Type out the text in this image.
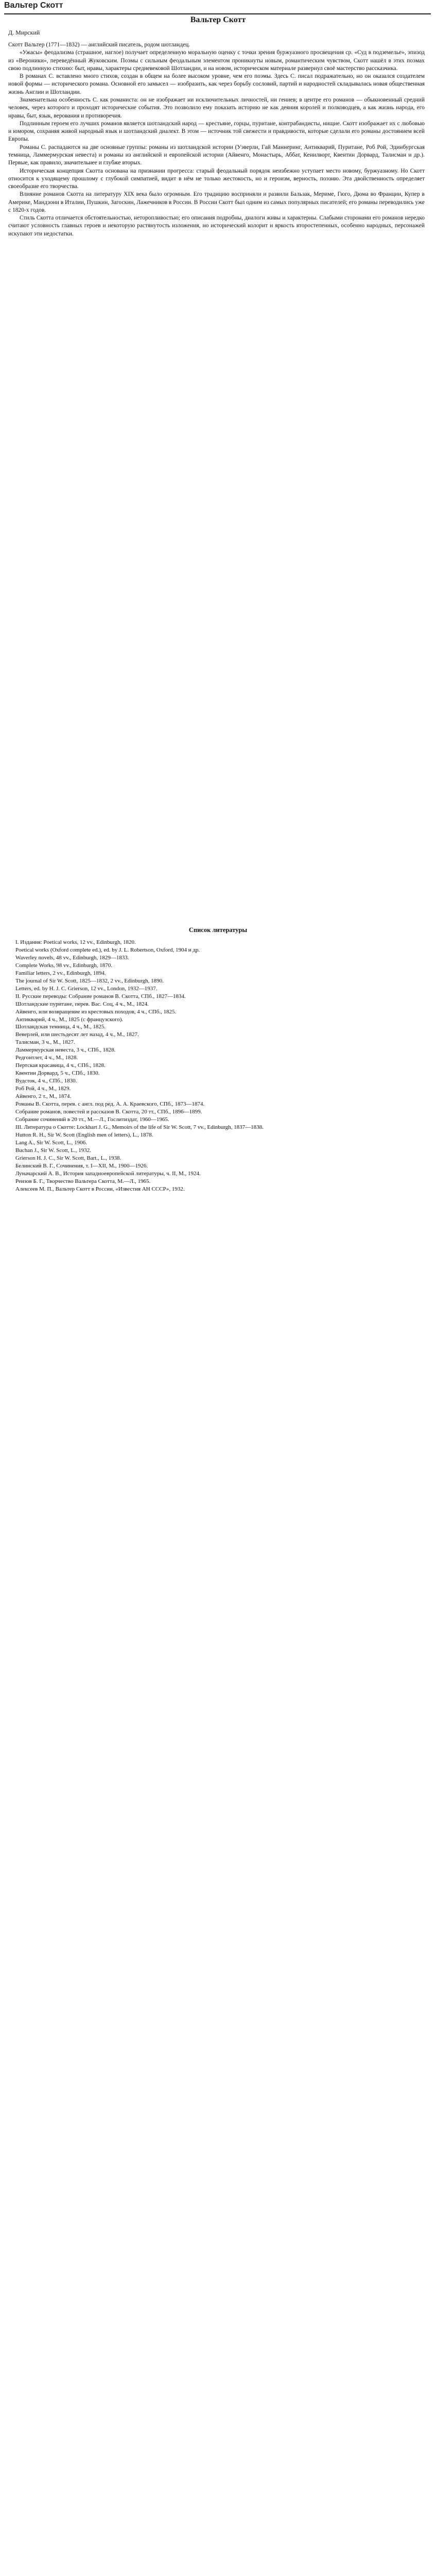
Вальтер Скотт
Вальтер Скотт
Д. Мирский

Скотт Вальтер (1771—1832) — английский писатель, родом шотландец.

«Ужасы» феодализма (страшное, наглое) получает определенную моральную оценку с точки зрения буржуазного просвещения ср. «Суд в подземелье», эпизод из «Вероники», переведённый Жуковским. Поэмы с сильным феодальным элементом проникнуты новым, романтическим чувством, Скотт нашёл в этих поэмах свою подлинную стихию: быт, нравы, характеры средневековой Шотландии, и на новом, историческом материале развернул своё мастерство рассказчика.

В романах С. вставлено много стихов, создан в общем на более высоком уровне, чем его поэмы. Здесь С. писал подражательно, но он оказался создателем новой формы — исторического романа. Основной его замысел — изобразить, как через борьбу сословий, партий и народностей складывалась новая общественная жизнь Англии и Шотландии.

Знаменательна особенность С. как романиста: он не изображает ни исключительных личностей, ни гениев; в центре его романов — обыкновенный средний человек, через которого и проходят исторические события. Это позволило ему показать историю не как деяния королей и полководцев, а как жизнь народа, его нравы, быт, язык, верования и противоречия.

Подлинным героем его лучших романов является шотландский народ — крестьяне, горцы, пуритане, контрабандисты, нищие. Скотт изображает их с любовью и юмором, сохраняя живой народный язык и шотландский диалект. В этом — источник той свежести и правдивости, которые сделали его романы достоянием всей Европы.

Романы С. распадаются на две основные группы: романы из шотландской истории (Уэверли, Гай Маннеринг, Антикварий, Пуритане, Роб Рой, Эдинбургская темница, Ламмермурская невеста) и романы из английской и европейской истории (Айвенго, Монастырь, Аббат, Кенилворт, Квентин Дорвард, Талисман и др.). Первые, как правило, значительнее и глубже вторых.

Историческая концепция Скотта основана на признании прогресса: старый феодальный порядок неизбежно уступает место новому, буржуазному. Но Скотт относится к уходящему прошлому с глубокой симпатией, видит в нём не только жестокость, но и героизм, верность, поэзию. Эта двойственность определяет своеобразие его творчества.

Влияние романов Скотта на литературу XIX века было огромным. Его традицию восприняли и развили Бальзак, Мериме, Гюго, Дюма во Франции, Купер в Америке, Мандзони в Италии, Пушкин, Загоскин, Лажечников в России. В России Скотт был одним из самых популярных писателей; его романы переводились уже с 1820-х годов.

Стиль Скотта отличается обстоятельностью, неторопливостью; его описания подробны, диалоги живы и характерны. Слабыми сторонами его романов нередко считают условность главных героев и некоторую растянутость изложения, но исторический колорит и яркость второстепенных, особенно народных, персонажей искупают эти недостатки.

Список литературы
I. Издания: Poetical works, 12 vv., Edinburgh, 1820.
Poetical works (Oxford complete ed.), ed. by J. L. Robertson, Oxford, 1904 и др.
Waverley novels, 48 vv., Edinburgh, 1829—1833.
Complete Works, 98 vv., Edinburgh, 1870.
Familiar letters, 2 vv., Edinburgh, 1894.
The journal of Sir W. Scott, 1825—1832, 2 vv., Edinburgh, 1890.
Letters, ed. by H. J. C. Grierson, 12 vv., London, 1932—1937.
II. Русские переводы: Собрание романов В. Скотта, СПб., 1827—1834.
Шотландские пуритане, перев. Вас. Соц, 4 ч., М., 1824.
Айвенго, или возвращение из крестовых походов, 4 ч., СПб., 1825.
Антикварий, 4 ч., М., 1825 (с французского).
Шотландская темница, 4 ч., М., 1825.
Веверлей, или шестьдесят лет назад, 4 ч., М., 1827.
Талисман, 3 ч., М., 1827.
Ламмермурская невеста, 3 ч., СПб., 1828.
Редгонтлет, 4 ч., М., 1828.
Пертская красавица, 4 ч., СПб., 1828.
Квентин Дорвард, 5 ч., СПб., 1830.
Вудсток, 4 ч., СПб., 1830.
Роб Рой, 4 ч., М., 1829.
Айвенго, 2 т., М., 1874.
Романы В. Скотта, перев. с англ. под ред. А. А. Краевского, СПб., 1873—1874.
Собрание романов, повестей и рассказов В. Скотта, 20 тт., СПб., 1896—1899.
Собрание сочинений в 20 тт., М.—Л., Гослитиздат, 1960—1965.
III. Литература о Скотте: Lockhart J. G., Memoirs of the life of Sir W. Scott, 7 vv., Edinburgh, 1837—1838.
Hutton R. H., Sir W. Scott (English men of letters), L., 1878.
Lang A., Sir W. Scott, L., 1906.
Buchan J., Sir W. Scott, L., 1932.
Grierson H. J. C., Sir W. Scott, Bart., L., 1938.
Белинский В. Г., Сочинения, т. I—XII, М., 1900—1926.
Луначарский А. В., История западноевропейской литературы, ч. II, М., 1924.
Реизов Б. Г., Творчество Вальтера Скотта, М.—Л., 1965.
Алексеев М. П., Вальтер Скотт в России, «Известия АН СССР», 1932.
